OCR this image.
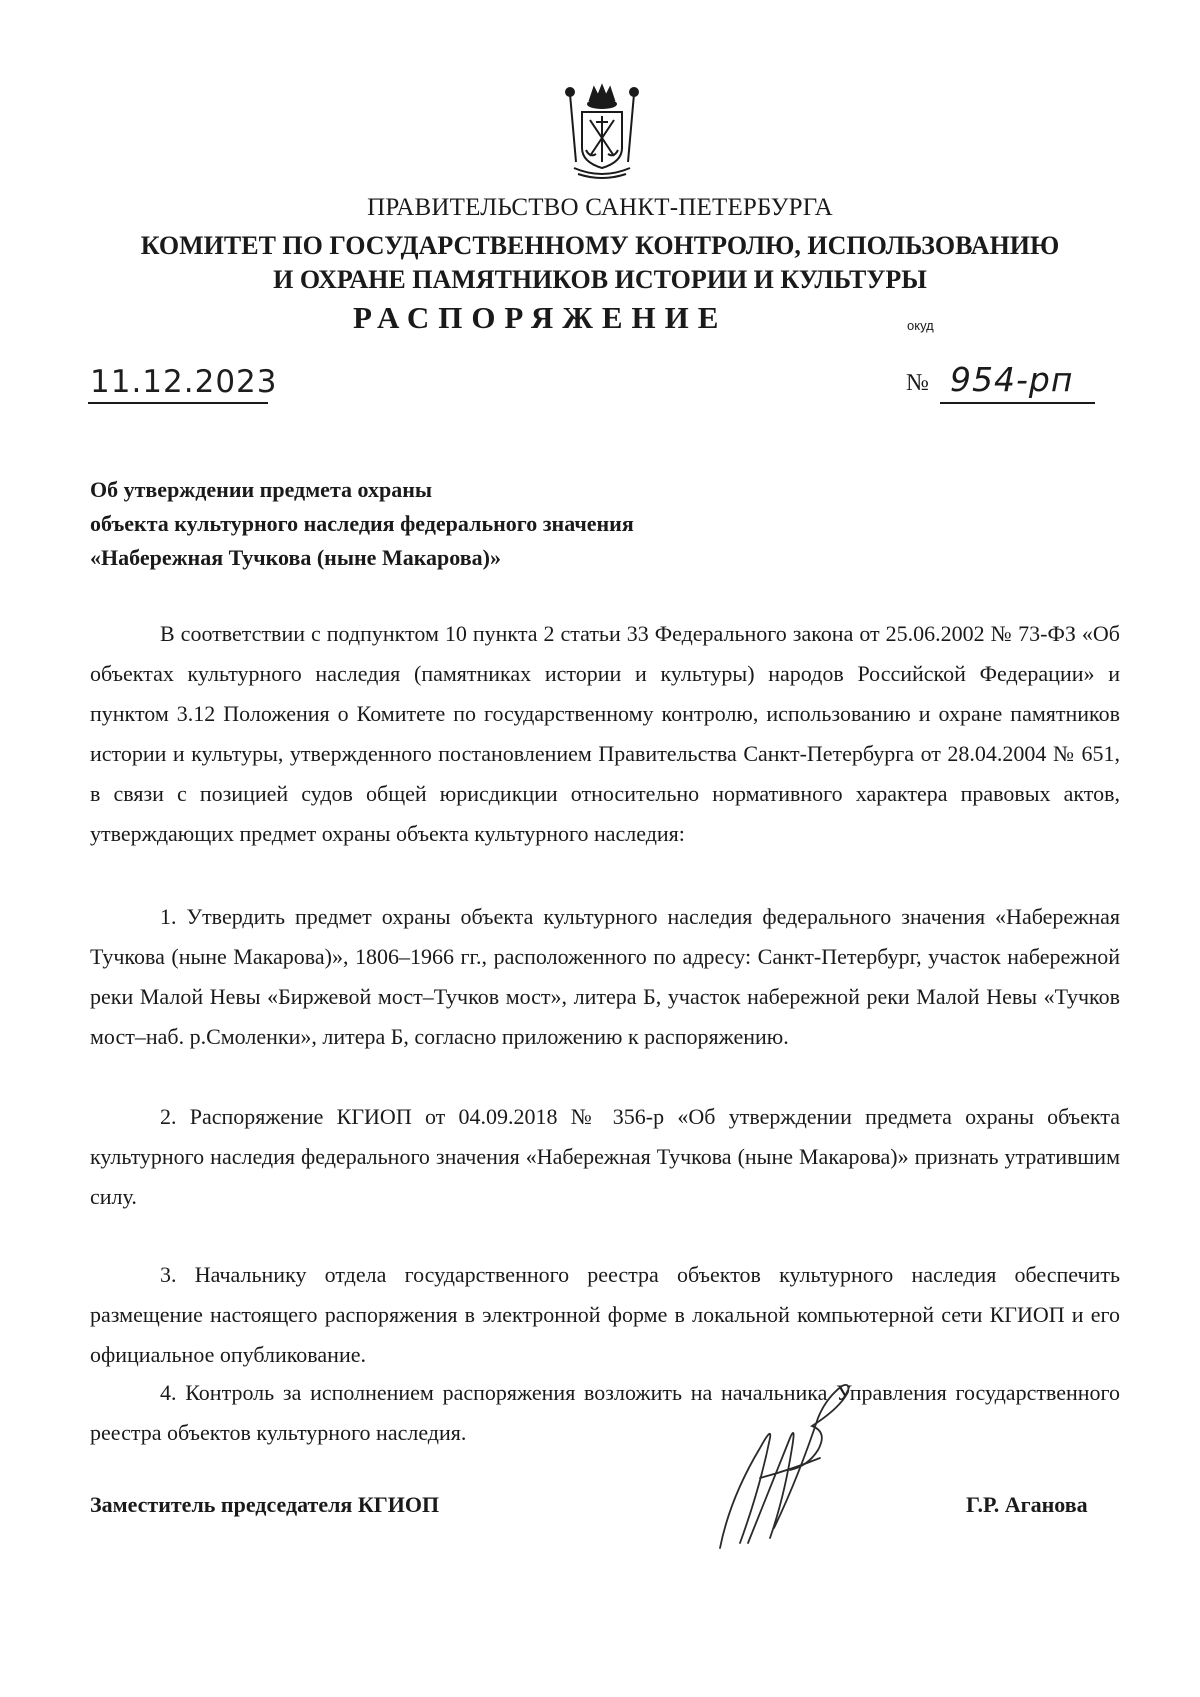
ПРАВИТЕЛЬСТВО САНКТ-ПЕТЕРБУРГА
КОМИТЕТ ПО ГОСУДАРСТВЕННОМУ КОНТРОЛЮ, ИСПОЛЬЗОВАНИЮ
И ОХРАНЕ ПАМЯТНИКОВ ИСТОРИИ И КУЛЬТУРЫ
РАСПОРЯЖЕНИЕ	окуд
11.12.2023	№ 954-рп
Об утверждении предмета охраны
объекта культурного наследия федерального значения
«Набережная Тучкова (ныне Макарова)»

В соответствии с подпунктом 10 пункта 2 статьи 33 Федерального закона от 25.06.2002 № 73-ФЗ «Об объектах культурного наследия (памятниках истории и культуры) народов Российской Федерации» и пунктом 3.12 Положения о Комитете по государственному контролю, использованию и охране памятников истории и культуры, утвержденного постановлением Правительства Санкт-Петербурга от 28.04.2004 № 651, в связи с позицией судов общей юрисдикции относительно нормативного характера правовых актов, утверждающих предмет охраны объекта культурного наследия:

1. Утвердить предмет охраны объекта культурного наследия федерального значения «Набережная Тучкова (ныне Макарова)», 1806–1966 гг., расположенного по адресу: Санкт-Петербург, участок набережной реки Малой Невы «Биржевой мост–Тучков мост», литера Б, участок набережной реки Малой Невы «Тучков мост–наб. р.Смоленки», литера Б, согласно приложению к распоряжению.

2. Распоряжение КГИОП от 04.09.2018 № 356-р «Об утверждении предмета охраны объекта культурного наследия федерального значения «Набережная Тучкова (ныне Макарова)» признать утратившим силу.

3. Начальнику отдела государственного реестра объектов культурного наследия обеспечить размещение настоящего распоряжения в электронной форме в локальной компьютерной сети КГИОП и его официальное опубликование.

4. Контроль за исполнением распоряжения возложить на начальника Управления государственного реестра объектов культурного наследия.

Заместитель председателя КГИОП	Г.Р. Аганова
